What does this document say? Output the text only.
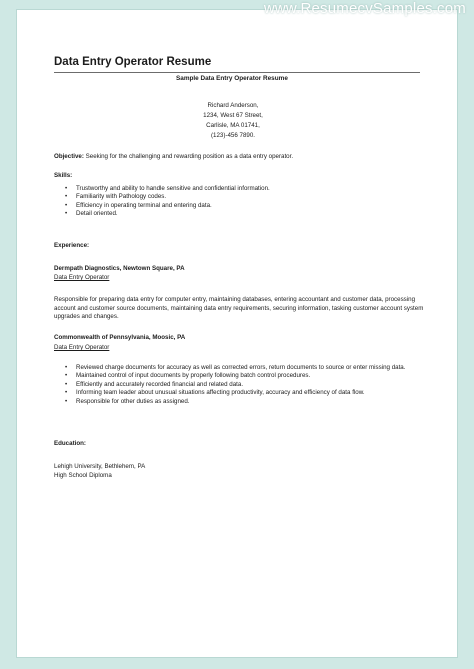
www.ResumecvSamples.com
Data Entry Operator Resume
Sample Data Entry Operator Resume
Richard Anderson,
1234, West 67 Street,
Carlisle, MA 01741,
(123)-456 7890.
Objective: Seeking for the challenging and rewarding position as a data entry operator.
Skills:
• Trustworthy and ability to handle sensitive and confidential information.
• Familiarity with Pathology codes.
• Efficiency in operating terminal and entering data.
• Detail oriented.
Experience:
Dermpath Diagnostics, Newtown Square, PA
Data Entry Operator
Responsible for preparing data entry for computer entry, maintaining databases, entering accountant and customer data, processing account and customer source documents, maintaining data entry requirements, securing information, tasking customer account system upgrades and changes.
Commonwealth of Pennsylvania, Moosic, PA
Data Entry Operator
• Reviewed charge documents for accuracy as well as corrected errors, return documents to source or enter missing data.
• Maintained control of input documents by properly following batch control procedures.
• Efficiently and accurately recorded financial and related data.
• Informing team leader about unusual situations affecting productivity, accuracy and efficiency of data flow.
• Responsible for other duties as assigned.
Education:
Lehigh University, Bethlehem, PA
High School Diploma
